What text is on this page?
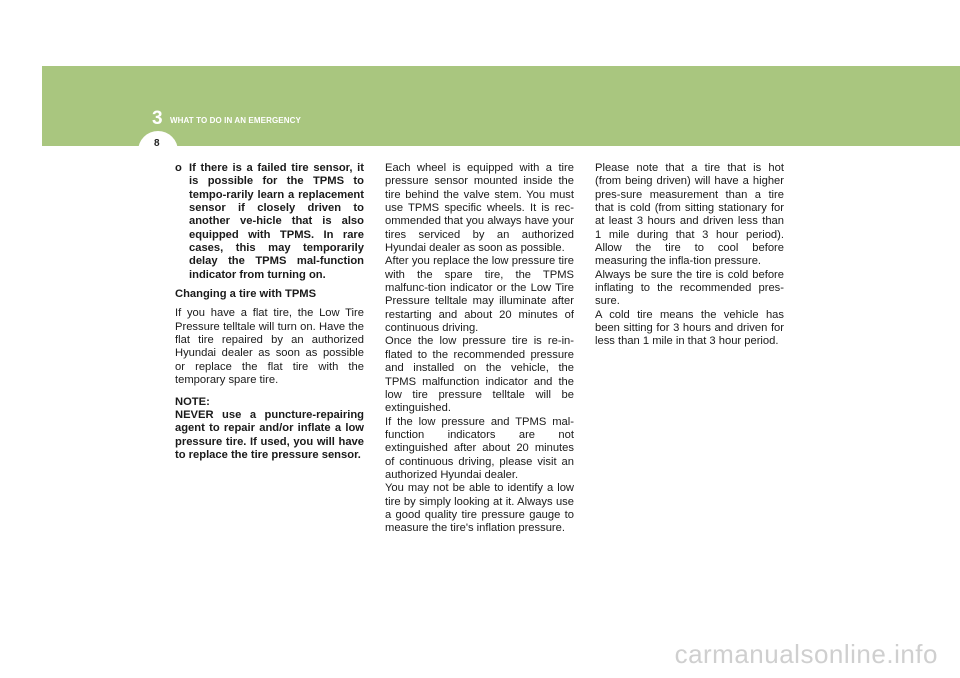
3 WHAT TO DO IN AN EMERGENCY
8
o If there is a failed tire sensor, it is possible for the TPMS to tempo-rarily learn a replacement sensor if closely driven to another ve-hicle that is also equipped with TPMS. In rare cases, this may temporarily delay the TPMS mal-function indicator from turning on.

Changing a tire with TPMS

If you have a flat tire, the Low Tire Pressure telltale will turn on. Have the flat tire repaired by an authorized Hyundai dealer as soon as possible or replace the flat tire with the temporary spare tire.

NOTE:

NEVER use a puncture-repairing agent to repair and/or inflate a low pressure tire. If used, you will have to replace the tire pressure sensor.

Each wheel is equipped with a tire pressure sensor mounted inside the tire behind the valve stem. You must use TPMS specific wheels. It is rec-ommended that you always have your tires serviced by an authorized Hyundai dealer as soon as possible.

After you replace the low pressure tire with the spare tire, the TPMS malfunc-tion indicator or the Low Tire Pressure telltale may illuminate after restarting and about 20 minutes of continuous driving.

Once the low pressure tire is re-in-flated to the recommended pressure and installed on the vehicle, the TPMS malfunction indicator and the low tire pressure telltale will be extinguished.

If the low pressure and TPMS mal-function indicators are not extinguished after about 20 minutes of continuous driving, please visit an authorized Hyundai dealer.

You may not be able to identify a low tire by simply looking at it. Always use a good quality tire pressure gauge to measure the tire's inflation pressure.

Please note that a tire that is hot (from being driven) will have a higher pres-sure measurement than a tire that is cold (from sitting stationary for at least 3 hours and driven less than 1 mile during that 3 hour period). Allow the tire to cool before measuring the infla-tion pressure.

Always be sure the tire is cold before inflating to the recommended pres-sure.

A cold tire means the vehicle has been sitting for 3 hours and driven for less than 1 mile in that 3 hour period.

carmanualsonline.info
